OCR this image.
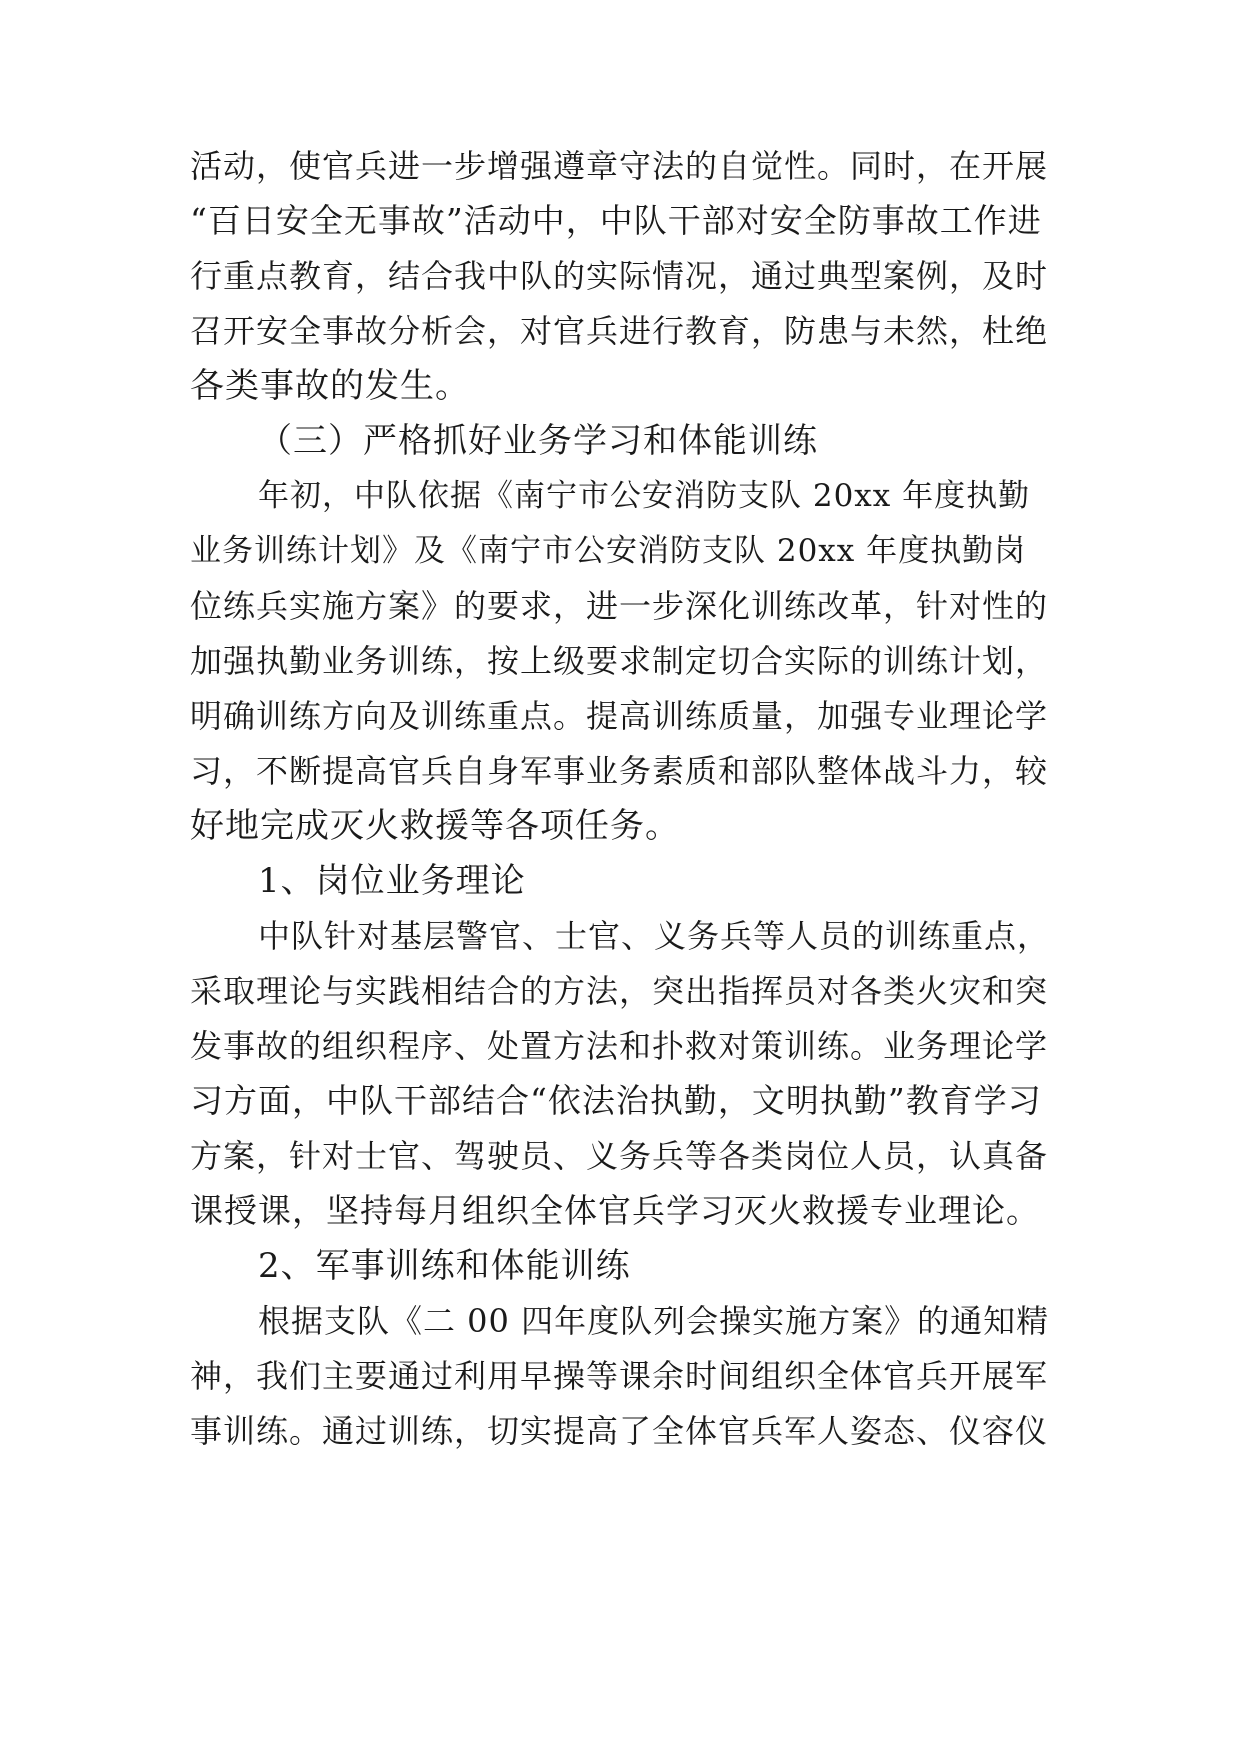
活动，使官兵进一步增强遵章守法的自觉性。同时，在开展
“百日安全无事故”活动中，中队干部对安全防事故工作进
行重点教育，结合我中队的实际情况，通过典型案例，及时
召开安全事故分析会，对官兵进行教育，防患与未然，杜绝
各类事故的发生。
（三）严格抓好业务学习和体能训练
年初，中队依据《南宁市公安消防支队 20xx 年度执勤
业务训练计划》及《南宁市公安消防支队 20xx 年度执勤岗
位练兵实施方案》的要求，进一步深化训练改革，针对性的
加强执勤业务训练，按上级要求制定切合实际的训练计划，
明确训练方向及训练重点。提高训练质量，加强专业理论学
习，不断提高官兵自身军事业务素质和部队整体战斗力，较
好地完成灭火救援等各项任务。
1、岗位业务理论
中队针对基层警官、士官、义务兵等人员的训练重点，
采取理论与实践相结合的方法，突出指挥员对各类火灾和突
发事故的组织程序、处置方法和扑救对策训练。业务理论学
习方面，中队干部结合“依法治执勤，文明执勤”教育学习
方案，针对士官、驾驶员、义务兵等各类岗位人员，认真备
课授课，坚持每月组织全体官兵学习灭火救援专业理论。
2、军事训练和体能训练
根据支队《二 00 四年度队列会操实施方案》的通知精
神，我们主要通过利用早操等课余时间组织全体官兵开展军
事训练。通过训练，切实提高了全体官兵军人姿态、仪容仪
